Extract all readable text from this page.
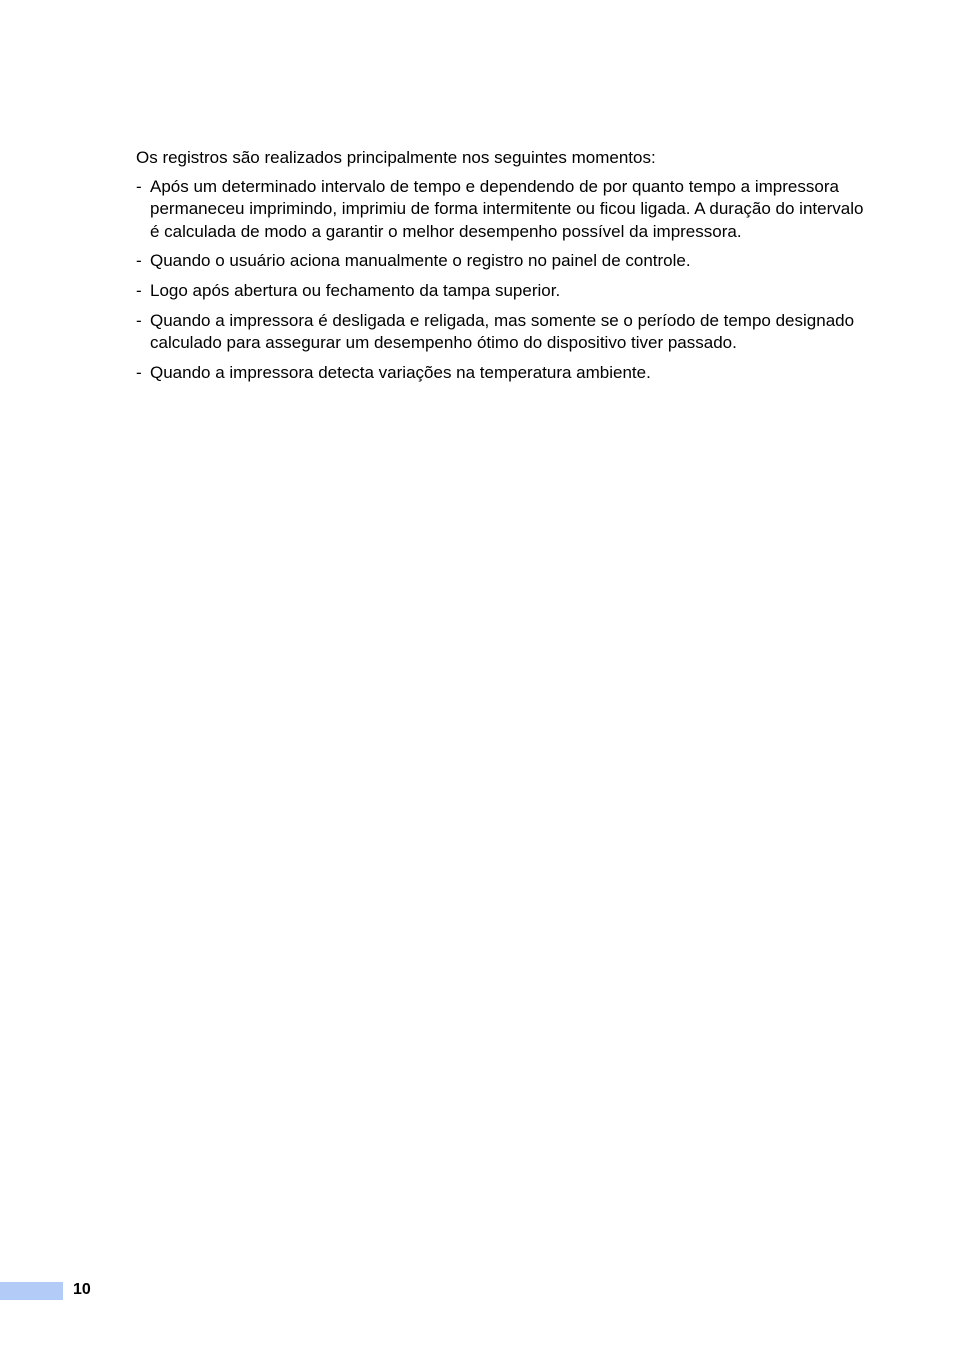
Os registros são realizados principalmente nos seguintes momentos:

- Após um determinado intervalo de tempo e dependendo de por quanto tempo a impressora permaneceu imprimindo, imprimiu de forma intermitente ou ficou ligada. A duração do intervalo é calculada de modo a garantir o melhor desempenho possível da impressora.
- Quando o usuário aciona manualmente o registro no painel de controle.
- Logo após abertura ou fechamento da tampa superior.
- Quando a impressora é desligada e religada, mas somente se o período de tempo designado calculado para assegurar um desempenho ótimo do dispositivo tiver passado.
- Quando a impressora detecta variações na temperatura ambiente.
10
